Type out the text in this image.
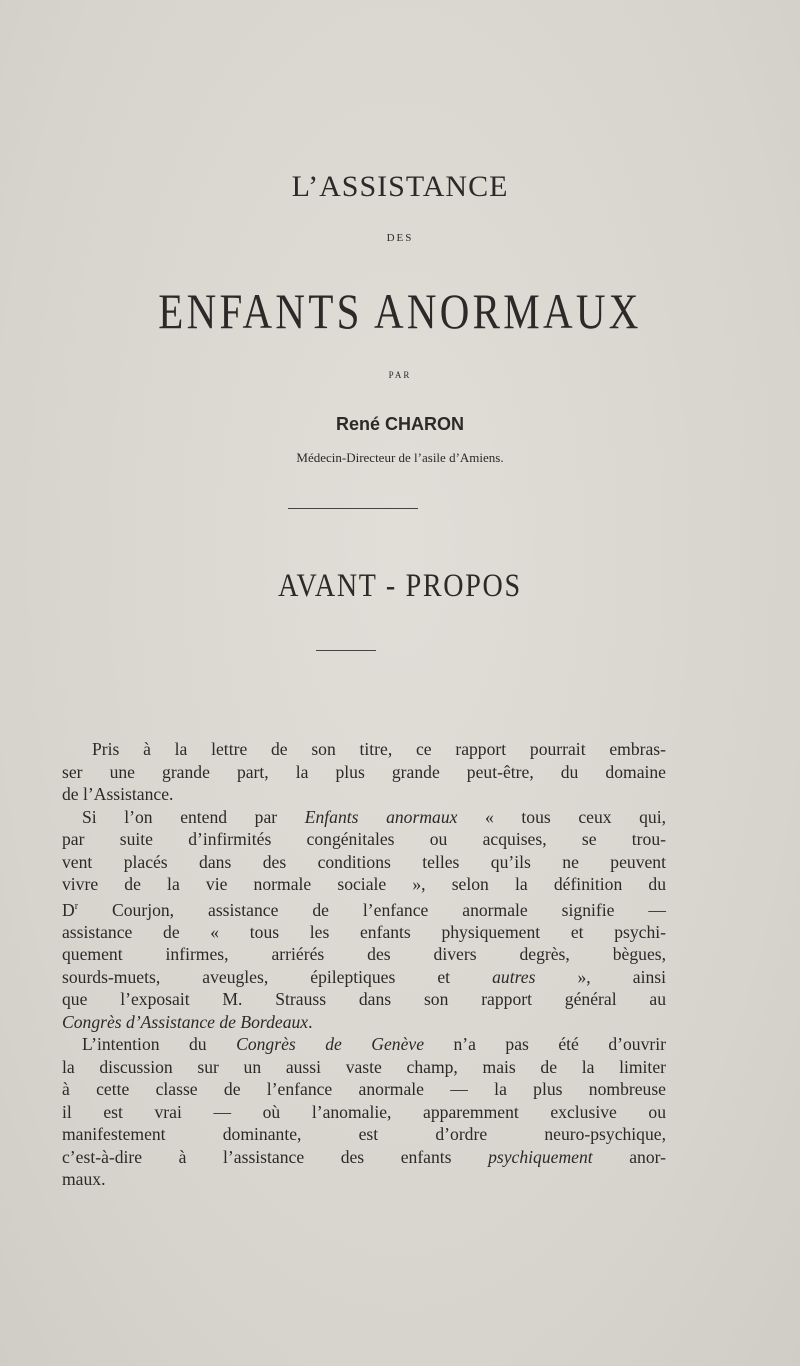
L’ASSISTANCE
DES
ENFANTS ANORMAUX
PAR
René CHARON
Médecin-Directeur de l’asile d’Amiens.
AVANT - PROPOS

Pris à la lettre de son titre, ce rapport pourrait embras-
ser une grande part, la plus grande peut-être, du domaine
de l’Assistance.

Si l’on entend par Enfants anormaux « tous ceux qui,
par suite d’infirmités congénitales ou acquises, se trou-
vent placés dans des conditions telles qu’ils ne peuvent
vivre de la vie normale sociale », selon la définition du
$D^r$ Courjon, assistance de l’enfance anormale signifie —
assistance de « tous les enfants physiquement et psychi-
quement infirmes, arriérés des divers degrès, bègues,
sourds-muets, aveugles, épileptiques et autres », ainsi
que l’exposait M. Strauss dans son rapport général au
Congrès d’Assistance de Bordeaux.

L’intention du Congrès de Genève n’a pas été d’ouvrir
la discussion sur un aussi vaste champ, mais de la limiter
à cette classe de l’enfance anormale — la plus nombreuse
il est vrai — où l’anomalie, apparemment exclusive ou
manifestement dominante, est d’ordre neuro-psychique,
c’est-à-dire à l’assistance des enfants psychiquement anor-
maux.
